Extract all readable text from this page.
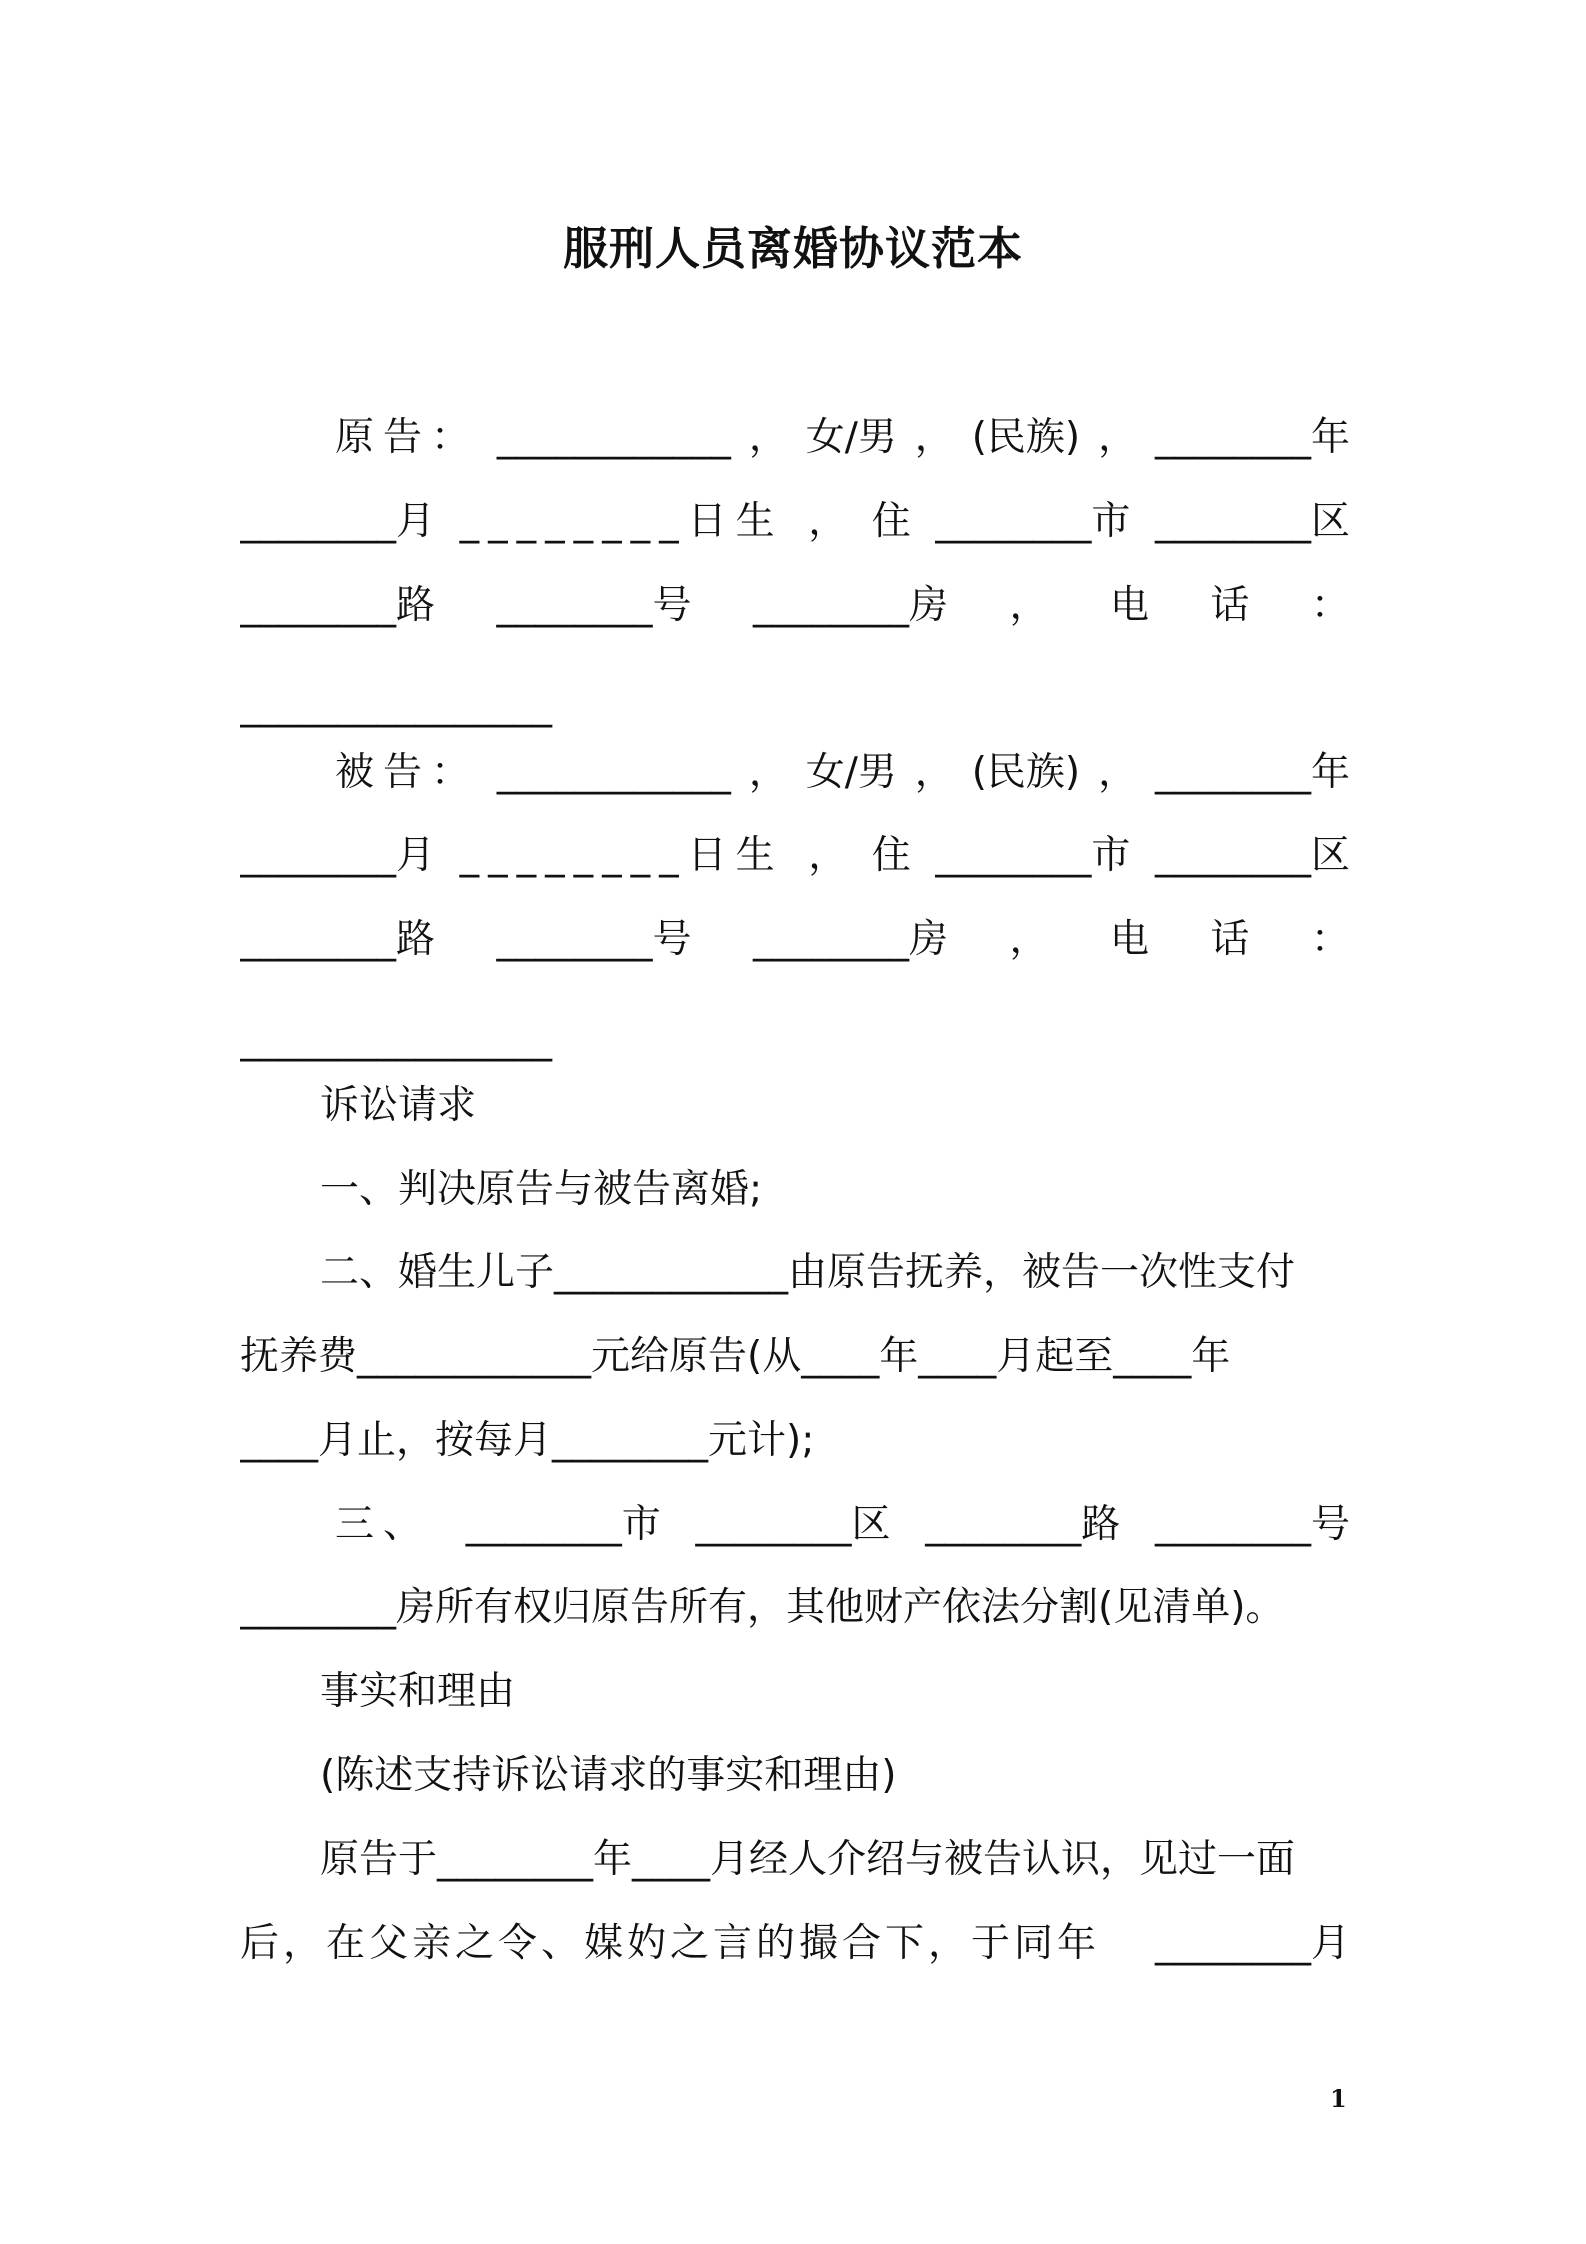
服刑人员离婚协议范本
原告： ____________ ， 女/男 ， (民族) ， ________年
________月 ________日生 ， 住 ________市 ________区
________路 ________号 ________房 ， 电 话 ：
________________
被告： ____________ ， 女/男 ， (民族) ， ________年
________月 ________日生 ， 住 ________市 ________区
________路 ________号 ________房 ， 电 话 ：
________________
诉讼请求
一、判决原告与被告离婚;
二、婚生儿子____________由原告抚养，被告一次性支付
抚养费____________元给原告(从____年____月起至____年
____月止，按每月________元计);
三、 ________市 ________区 ________路 ________号
________房所有权归原告所有，其他财产依法分割(见清单)。
事实和理由
(陈述支持诉讼请求的事实和理由)
原告于________年____月经人介绍与被告认识，见过一面
后，在父亲之令、媒妁之言的撮合下，于同年 ________月
1
